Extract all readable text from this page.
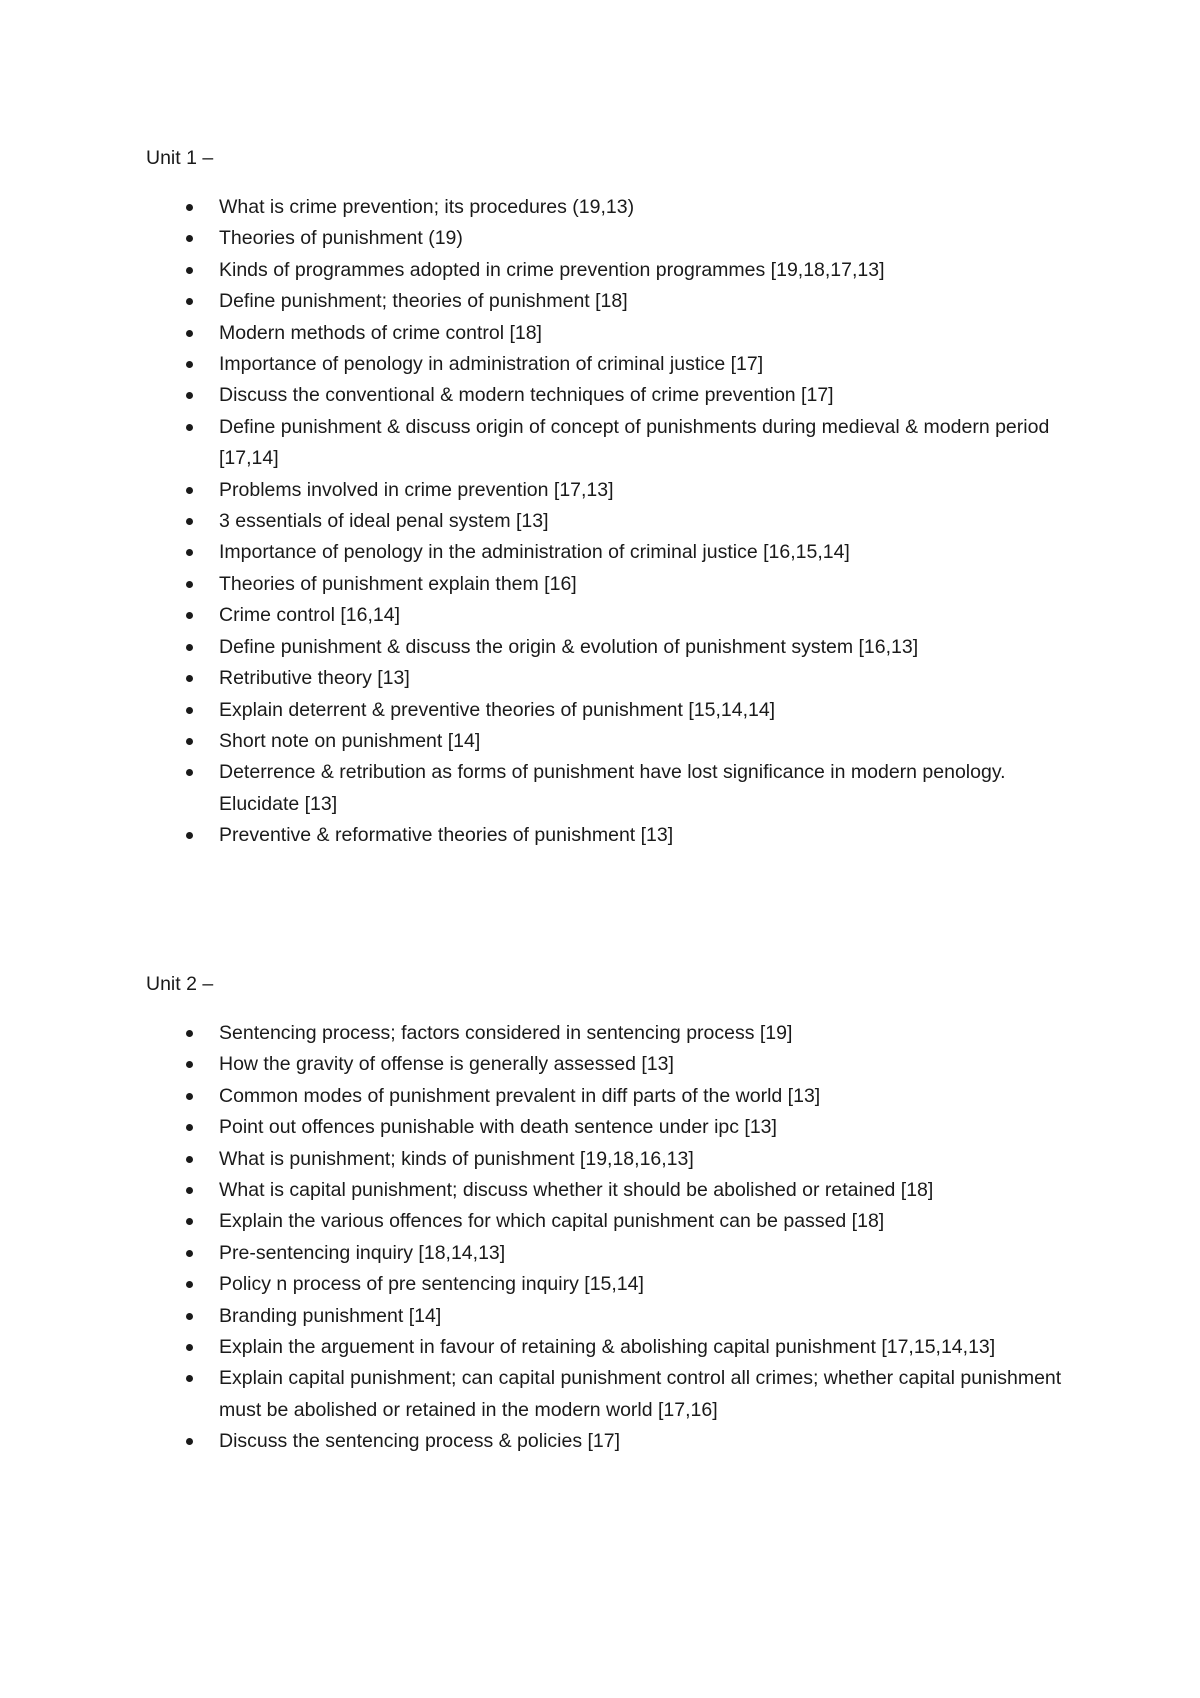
Unit 1 –
What is crime prevention; its procedures (19,13)
Theories of punishment (19)
Kinds of programmes adopted in crime prevention programmes [19,18,17,13]
Define punishment; theories of punishment [18]
Modern methods of crime control [18]
Importance of penology in administration of criminal justice [17]
Discuss the conventional & modern techniques of crime prevention [17]
Define punishment & discuss origin of concept of punishments during medieval & modern period [17,14]
Problems involved in crime prevention [17,13]
3 essentials of ideal penal system [13]
Importance of penology in the administration of criminal justice [16,15,14]
Theories of punishment explain them [16]
Crime control [16,14]
Define punishment & discuss the origin & evolution of punishment system [16,13]
Retributive theory [13]
Explain deterrent & preventive theories of punishment [15,14,14]
Short note on punishment [14]
Deterrence & retribution as forms of punishment have lost significance in modern penology. Elucidate [13]
Preventive & reformative theories of punishment [13]
Unit 2 –
Sentencing process; factors considered in sentencing process [19]
How the gravity of offense is generally assessed [13]
Common modes of punishment prevalent in diff parts of the world [13]
Point out offences punishable with death sentence under ipc [13]
What is punishment; kinds of punishment [19,18,16,13]
What is capital punishment; discuss whether it should be abolished or retained [18]
Explain the various offences for which capital punishment can be passed [18]
Pre-sentencing inquiry [18,14,13]
Policy n process of pre sentencing inquiry [15,14]
Branding punishment [14]
Explain the arguement in favour of retaining & abolishing capital punishment [17,15,14,13]
Explain capital punishment; can capital punishment control all crimes; whether capital punishment must be abolished or retained in the modern world [17,16]
Discuss the sentencing process & policies [17]
